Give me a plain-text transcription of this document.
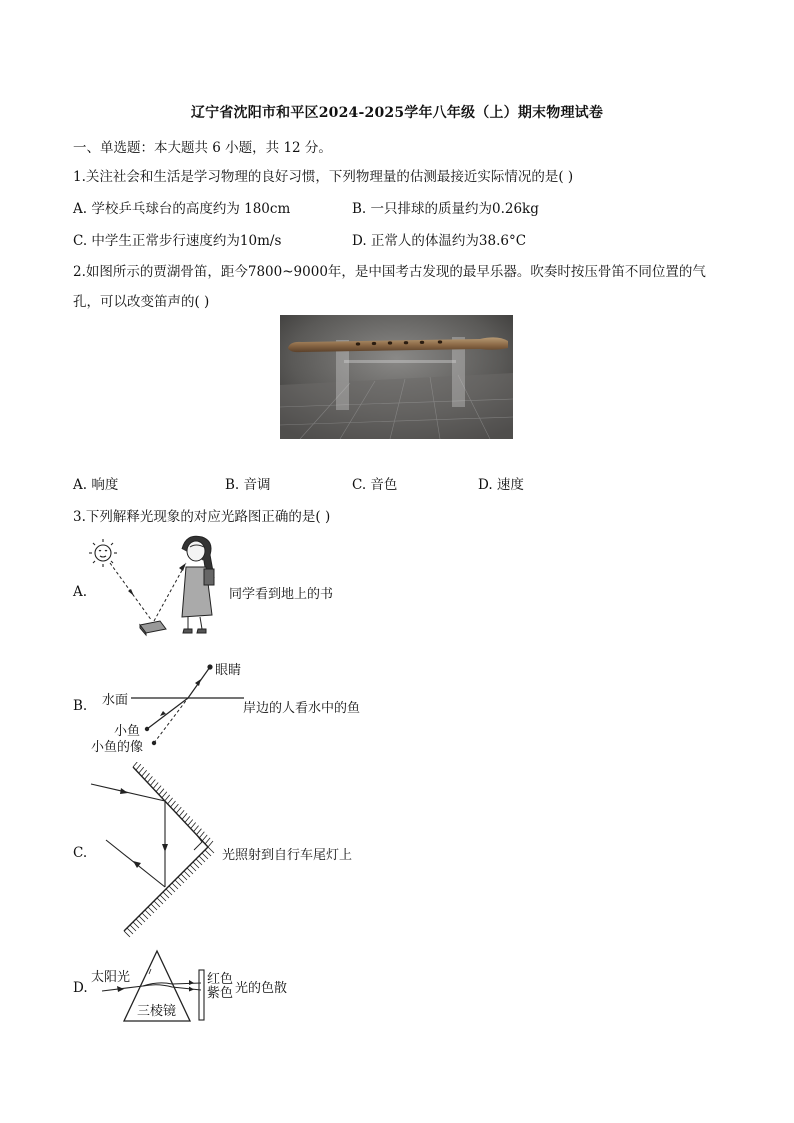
辽宁省沈阳市和平区2024-2025学年八年级（上）期末物理试卷
一、单选题：本大题共 6 小题，共 12 分。
1.关注社会和生活是学习物理的良好习惯，下列物理量的估测最接近实际情况的是( )
A. 学校乒乓球台的高度约为 180cm	B. 一只排球的质量约为0.26kg
C. 中学生正常步行速度约为10m/s	D. 正常人的体温约为38.6°C
2.如图所示的贾湖骨笛，距今7800~9000年，是中国考古发现的最早乐器。吹奏时按压骨笛不同位置的气
孔，可以改变笛声的( )
A. 响度	B. 音调	C. 音色	D. 速度
3.下列解释光现象的对应光路图正确的是( )
A.	同学看到地上的书
B.
眼睛
水面
小鱼
小鱼的像
岸边的人看水中的鱼
C.	光照射到自行车尾灯上
D.
太阳光
三棱镜
红色
紫色 光的色散
